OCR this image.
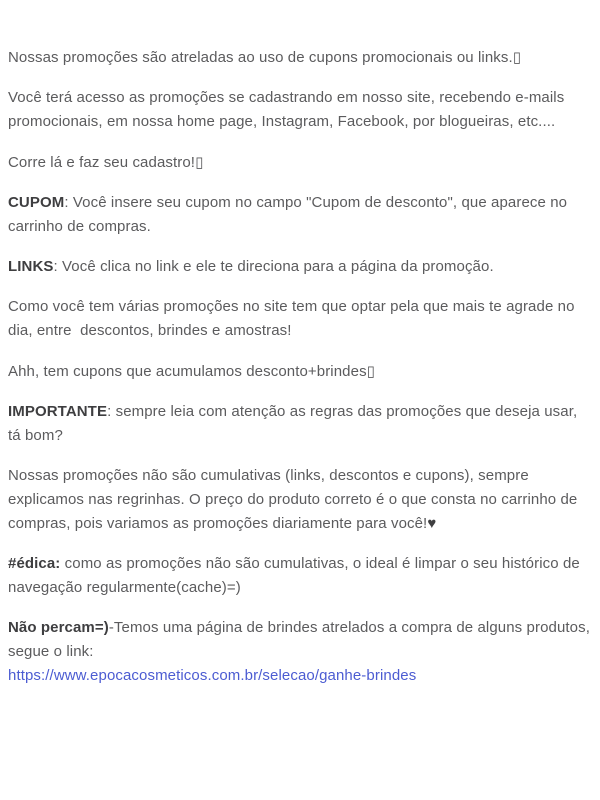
Nossas promoções são atreladas ao uso de cupons promocionais ou links.▯

Você terá acesso as promoções se cadastrando em nosso site, recebendo e-mails promocionais, em nossa home page, Instagram, Facebook, por blogueiras, etc....

Corre lá e faz seu cadastro!▯

CUPOM: Você insere seu cupom no campo "Cupom de desconto", que aparece no carrinho de compras.

LINKS: Você clica no link e ele te direciona para a página da promoção.

Como você tem várias promoções no site tem que optar pela que mais te agrade no dia, entre  descontos, brindes e amostras!

Ahh, tem cupons que acumulamos desconto+brindes▯

IMPORTANTE: sempre leia com atenção as regras das promoções que deseja usar, tá bom?

Nossas promoções não são cumulativas (links, descontos e cupons), sempre explicamos nas regrinhas. O preço do produto correto é o que consta no carrinho de compras, pois variamos as promoções diariamente para você!♥

#édica: como as promoções não são cumulativas, o ideal é limpar o seu histórico de navegação regularmente(cache)=)

Não percam=)-Temos uma página de brindes atrelados a compra de alguns produtos, segue o link:
https://www.epocacosmeticos.com.br/selecao/ganhe-brindes
